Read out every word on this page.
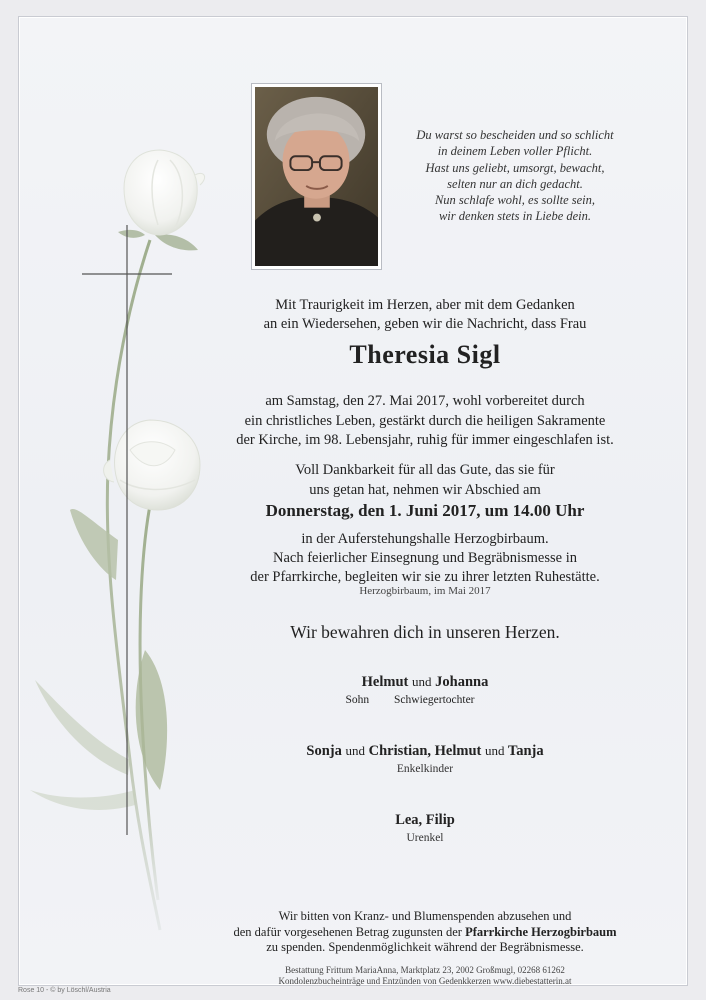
Du warst so bescheiden und so schlicht
in deinem Leben voller Pflicht.
Hast uns geliebt, umsorgt, bewacht,
selten nur an dich gedacht.
Nun schlafe wohl, es sollte sein,
wir denken stets in Liebe dein.
Mit Traurigkeit im Herzen, aber mit dem Gedanken
an ein Wiedersehen, geben wir die Nachricht, dass Frau
Theresia Sigl
am Samstag, den 27. Mai 2017, wohl vorbereitet durch
ein christliches Leben, gestärkt durch die heiligen Sakramente
der Kirche, im 98. Lebensjahr, ruhig für immer eingeschlafen ist.
Voll Dankbarkeit für all das Gute, das sie für
uns getan hat, nehmen wir Abschied am
Donnerstag, den 1. Juni 2017, um 14.00 Uhr
in der Auferstehungshalle Herzogbirbaum.
Nach feierlicher Einsegnung und Begräbnismesse in
der Pfarrkirche, begleiten wir sie zu ihrer letzten Ruhestätte.
Herzogbirbaum, im Mai 2017
Wir bewahren dich in unseren Herzen.
Helmut und Johanna
Sohn Schwiegertochter
Sonja und Christian, Helmut und Tanja
Enkelkinder
Lea, Filip
Urenkel
Wir bitten von Kranz- und Blumenspenden abzusehen und
den dafür vorgesehenen Betrag zugunsten der Pfarrkirche Herzogbirbaum
zu spenden. Spendenmöglichkeit während der Begräbnismesse.
Bestattung Frittum MariaAnna, Marktplatz 23, 2002 Großmugl, 02268 61262
Kondolenzbucheinträge und Entzünden von Gedenkkerzen www.diebestatterin.at
Rose 10 - © by Löschl/Austria
